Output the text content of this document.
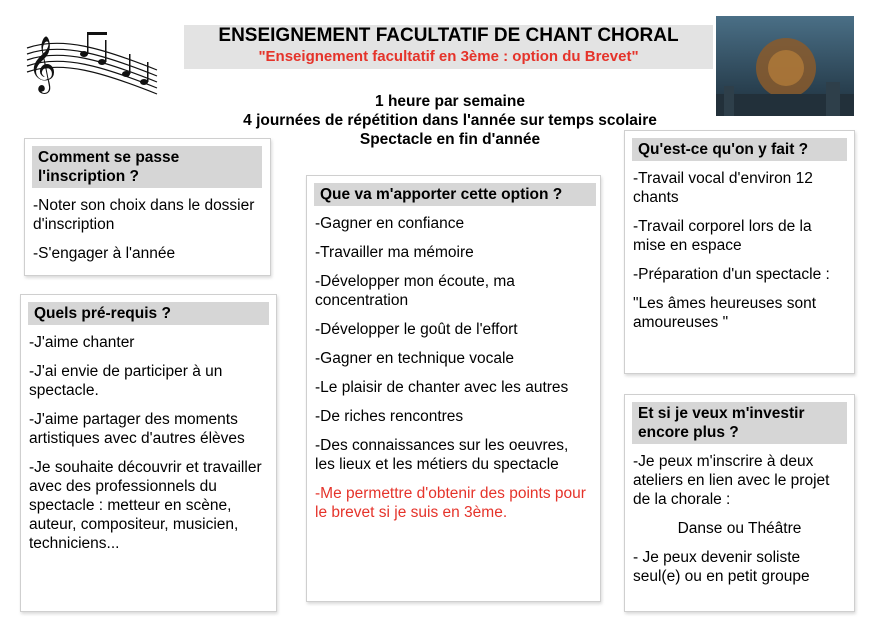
𝄞
ENSEIGNEMENT FACULTATIF DE CHANT CHORAL
"Enseignement facultatif en 3ème : option du Brevet"
1 heure par semaine
4 journées de répétition dans l'année sur temps scolaire
Spectacle en fin d'année
Comment se passe l'inscription ?

-Noter son choix dans le dossier d'inscription

-S'engager à l'année

Quels pré-requis ?

-J'aime chanter

-J'ai envie de participer à un spectacle.

-J'aime partager des moments artistiques avec d'autres élèves

-Je souhaite découvrir et travailler avec des professionnels du spectacle : metteur en scène, auteur, compositeur, musicien, techniciens...

Que va m'apporter cette option ?

-Gagner en confiance

-Travailler ma mémoire

-Développer mon écoute, ma concentration

-Développer le goût de l'effort

-Gagner en technique vocale

-Le plaisir de chanter avec les autres

-De riches rencontres

-Des connaissances sur les oeuvres, les lieux et les métiers du spectacle

-Me permettre d'obtenir des points pour le brevet si je suis en 3ème.

Qu'est-ce qu'on y fait ?

-Travail vocal d'environ 12 chants

-Travail corporel lors de la mise en espace

-Préparation d'un spectacle :

"Les âmes heureuses sont amoureuses "

Et si je veux m'investir encore plus ?

-Je peux m'inscrire à deux ateliers en lien avec le projet de la chorale :

Danse ou Théâtre

- Je peux devenir soliste seul(e) ou en petit groupe
